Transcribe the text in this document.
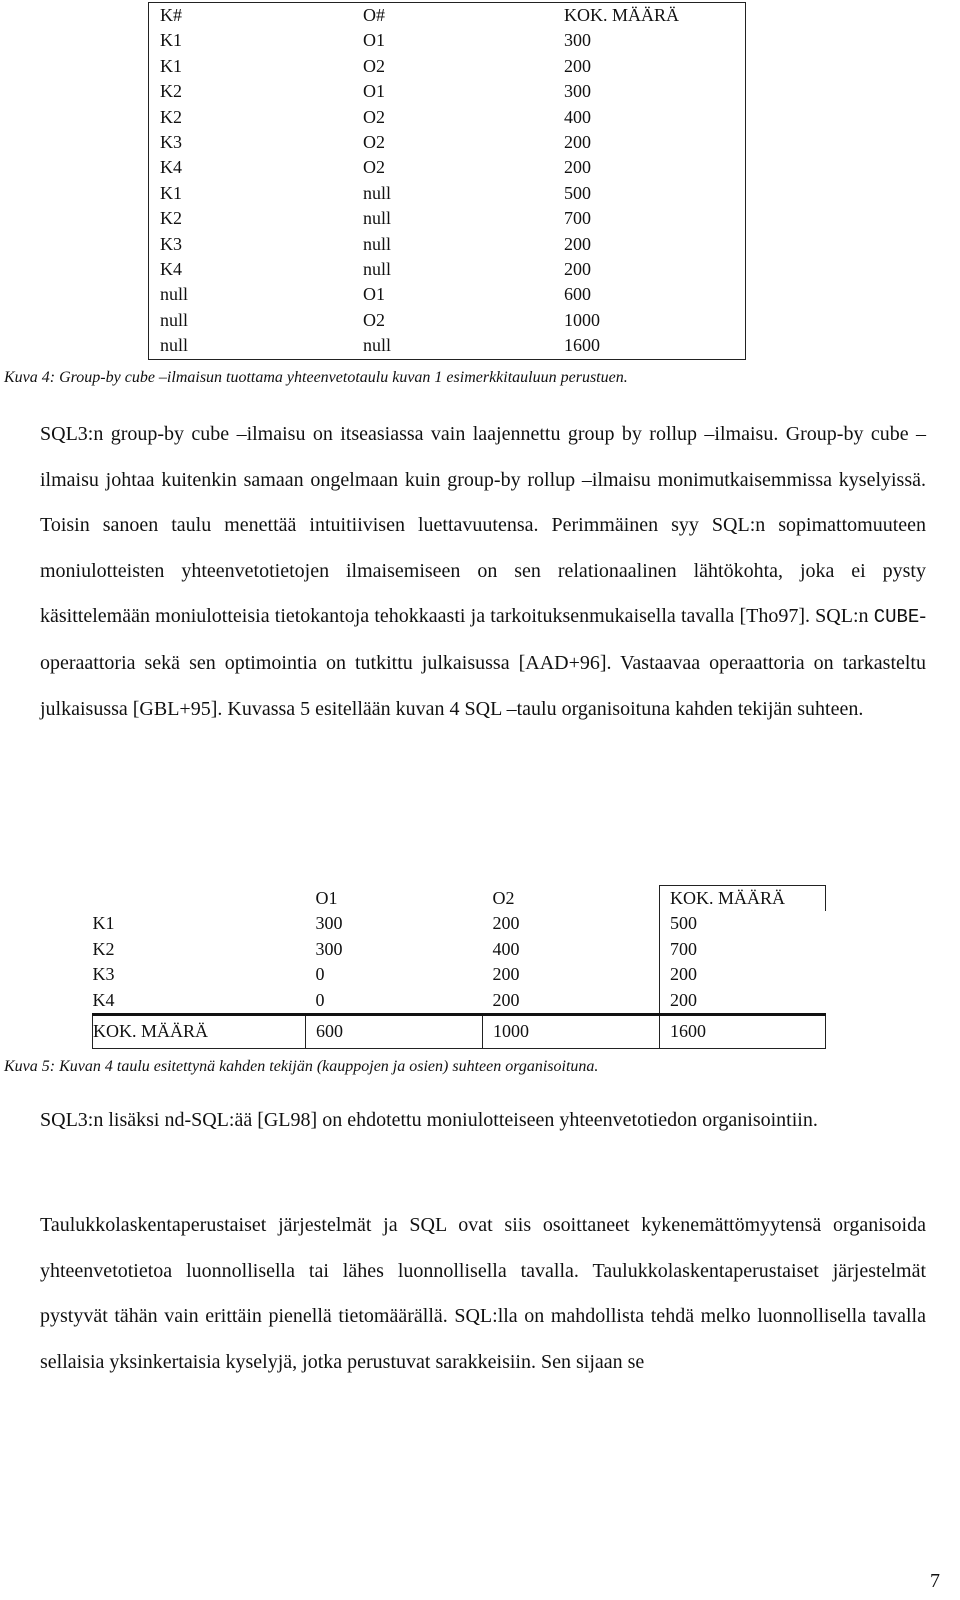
K#	O#	KOK. MÄÄRÄ
K1	O1	300
K1	O2	200
K2	O1	300
K2	O2	400
K3	O2	200
K4	O2	200
K1	null	500
K2	null	700
K3	null	200
K4	null	200
null	O1	600
null	O2	1000
null	null	1600
Kuva 4: Group-by cube –ilmaisun tuottama yhteenvetotaulu kuvan 1 esimerkkitauluun perustuen.

SQL3:n group-by cube –ilmaisu on itseasiassa vain laajennettu group by rollup –ilmaisu. Group-by cube –ilmaisu johtaa kuitenkin samaan ongelmaan kuin group-by rollup –ilmaisu monimutkaisemmissa kyselyissä. Toisin sanoen taulu menettää intuitiivisen luettavuutensa. Perimmäinen syy SQL:n sopimattomuuteen moniulotteisten yhteenvetotietojen ilmaisemiseen on sen relationaalinen lähtökohta, joka ei pysty käsittelemään moniulotteisia tietokantoja tehokkaasti ja tarkoituksenmukaisella tavalla [Tho97]. SQL:n CUBE-operaattoria sekä sen optimointia on tutkittu julkaisussa [AAD+96]. Vastaavaa operaattoria on tarkasteltu julkaisussa [GBL+95]. Kuvassa 5 esitellään kuvan 4 SQL –taulu organisoituna kahden tekijän suhteen.

	O1	O2	KOK. MÄÄRÄ
K1	300	200	500
K2	300	400	700
K3	0	200	200
K4	0	200	200
KOK. MÄÄRÄ	600	1000	1600
Kuva 5: Kuvan 4 taulu esitettynä kahden tekijän (kauppojen ja osien) suhteen organisoituna.

SQL3:n lisäksi nd-SQL:ää [GL98] on ehdotettu moniulotteiseen yhteenvetotiedon organisointiin.

Taulukkolaskentaperustaiset järjestelmät ja SQL ovat siis osoittaneet kykenemättömyytensä organisoida yhteenvetotietoa luonnollisella tai lähes luonnollisella tavalla. Taulukkolaskentaperustaiset järjestelmät pystyvät tähän vain erittäin pienellä tietomäärällä. SQL:lla on mahdollista tehdä melko luonnollisella tavalla sellaisia yksinkertaisia kyselyjä, jotka perustuvat sarakkeisiin. Sen sijaan se

7
